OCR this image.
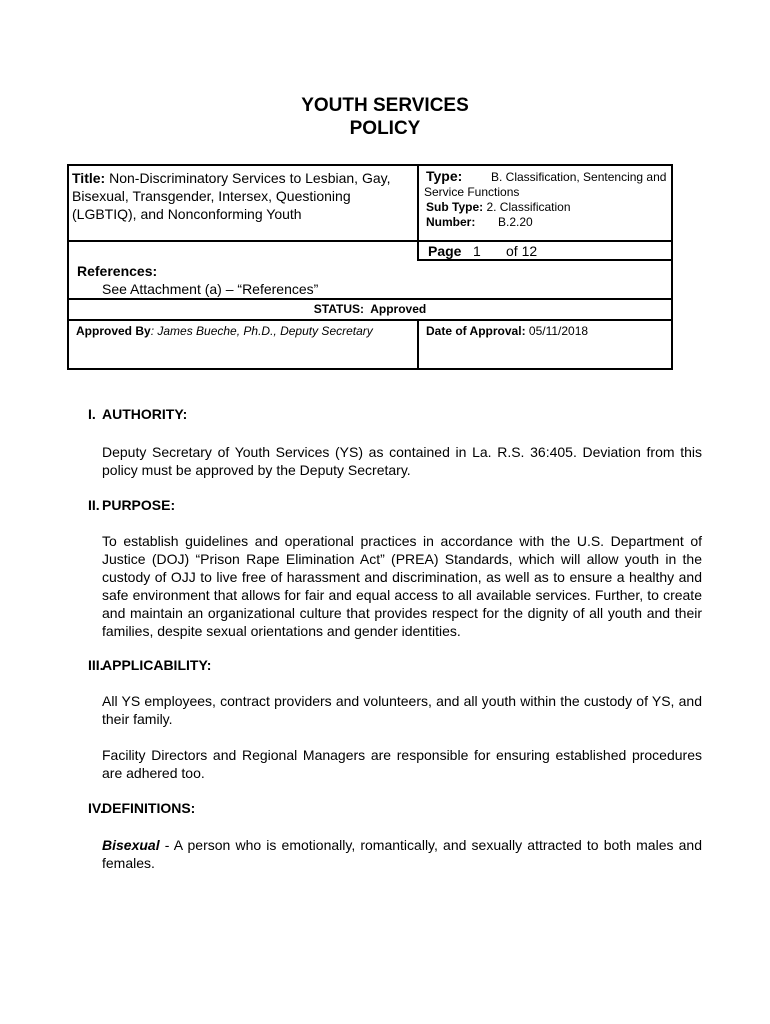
YOUTH SERVICES
POLICY
Title: Non-Discriminatory Services to Lesbian, Gay, Bisexual, Transgender, Intersex, Questioning (LGBTIQ), and Nonconforming Youth
Type:	B. Classification, Sentencing and Service Functions
Sub Type: 2. Classification
Number: B.2.20
Page 1 of 12
References:
See Attachment (a) – “References”
STATUS: Approved
Approved By: James Bueche, Ph.D., Deputy Secretary	Date of Approval: 05/11/2018
I. AUTHORITY:
Deputy Secretary of Youth Services (YS) as contained in La. R.S. 36:405. Deviation from this policy must be approved by the Deputy Secretary.
II. PURPOSE:
To establish guidelines and operational practices in accordance with the U.S. Department of Justice (DOJ) “Prison Rape Elimination Act” (PREA) Standards, which will allow youth in the custody of OJJ to live free of harassment and discrimination, as well as to ensure a healthy and safe environment that allows for fair and equal access to all available services. Further, to create and maintain an organizational culture that provides respect for the dignity of all youth and their families, despite sexual orientations and gender identities.
III.
APPLICABILITY:
All YS employees, contract providers and volunteers, and all youth within the custody of YS, and their family.
Facility Directors and Regional Managers are responsible for ensuring established procedures are adhered too.
IV.
DEFINITIONS:
Bisexual - A person who is emotionally, romantically, and sexually attracted to both males and females.
